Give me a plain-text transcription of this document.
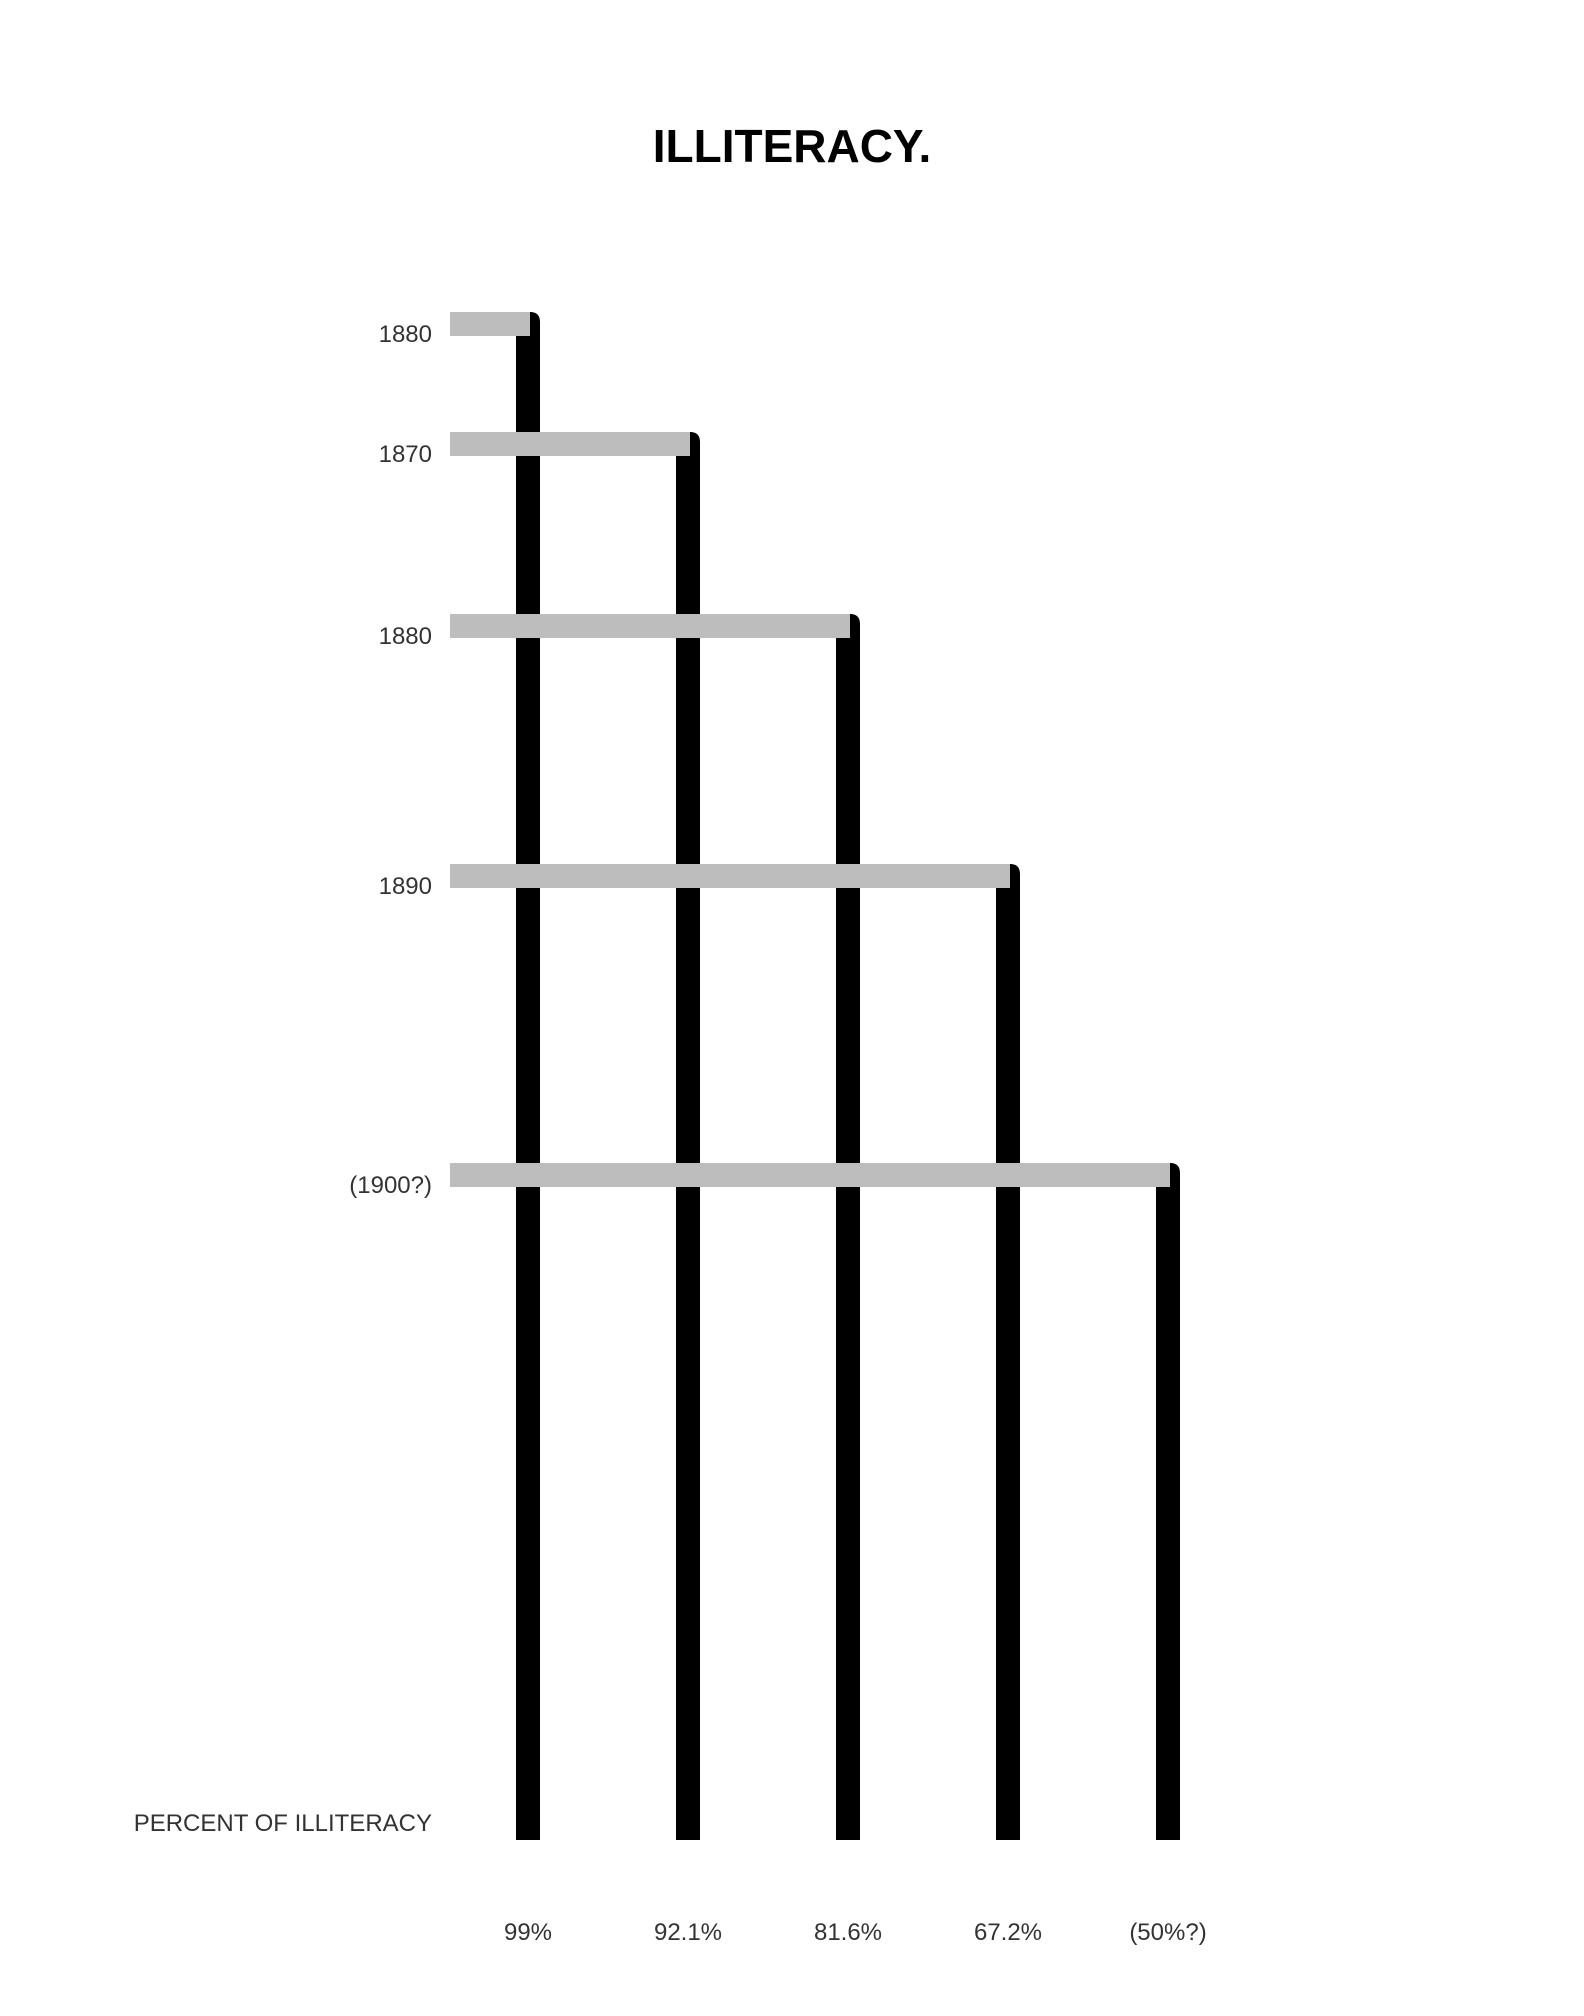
ILLITERACY.
1880
1870
1880
1890
(1900?)
99%	92.1%	81.6%	67.2%	(50%?)
PERCENT OF ILLITERACY
